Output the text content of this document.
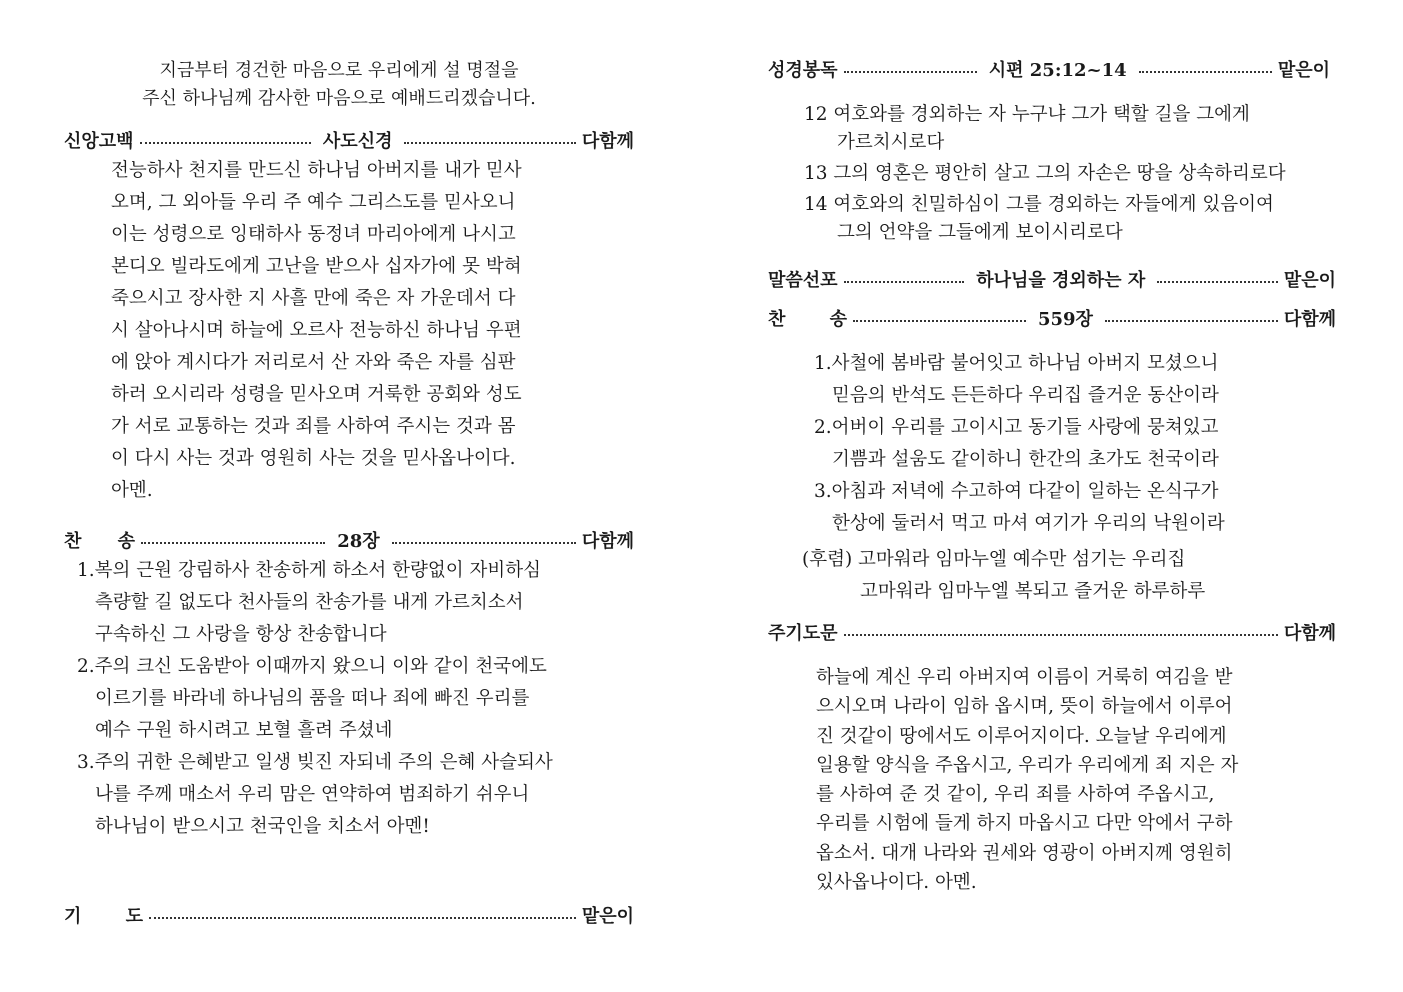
지금부터 경건한 마음으로 우리에게 설 명절을
주신 하나님께 감사한 마음으로 예배드리겠습니다.
신앙고백	사도신경	다함께
전능하사 천지를 만드신 하나님 아버지를 내가 믿사
오며, 그 외아들 우리 주 예수 그리스도를 믿사오니
이는 성령으로 잉태하사 동정녀 마리아에게 나시고
본디오 빌라도에게 고난을 받으사 십자가에 못 박혀
죽으시고 장사한 지 사흘 만에 죽은 자 가운데서 다
시 살아나시며 하늘에 오르사 전능하신 하나님 우편
에 앉아 계시다가 저리로서 산 자와 죽은 자를 심판
하러 오시리라 성령을 믿사오며 거룩한 공회와 성도
가 서로 교통하는 것과 죄를 사하여 주시는 것과 몸
이 다시 사는 것과 영원히 사는 것을 믿사옵나이다.
아멘.
찬 송	28장	다함께
1.복의 근원 강림하사 찬송하게 하소서 한량없이 자비하심
측량할 길 없도다 천사들의 찬송가를 내게 가르치소서
구속하신 그 사랑을 항상 찬송합니다
2.주의 크신 도움받아 이때까지 왔으니 이와 같이 천국에도
이르기를 바라네 하나님의 품을 떠나 죄에 빠진 우리를
예수 구원 하시려고 보혈 흘려 주셨네
3.주의 귀한 은혜받고 일생 빚진 자되네 주의 은혜 사슬되사
나를 주께 매소서 우리 맘은 연약하여 범죄하기 쉬우니
하나님이 받으시고 천국인을 치소서 아멘!
기 도	맡은이
성경봉독	시편 25:12~14	맡은이
12 여호와를 경외하는 자 누구냐 그가 택할 길을 그에게
가르치시로다
13 그의 영혼은 평안히 살고 그의 자손은 땅을 상속하리로다
14 여호와의 친밀하심이 그를 경외하는 자들에게 있음이여
그의 언약을 그들에게 보이시리로다
말씀선포	하나님을 경외하는 자	맡은이
찬 송	559장	다함께
1.사철에 봄바람 불어잇고 하나님 아버지 모셨으니
믿음의 반석도 든든하다 우리집 즐거운 동산이라
2.어버이 우리를 고이시고 동기들 사랑에 뭉쳐있고
기쁨과 설움도 같이하니 한간의 초가도 천국이라
3.아침과 저녁에 수고하여 다같이 일하는 온식구가
한상에 둘러서 먹고 마셔 여기가 우리의 낙원이라
(후렴) 고마워라 임마누엘 예수만 섬기는 우리집
고마워라 임마누엘 복되고 즐거운 하루하루
주기도문	다함께
하늘에 계신 우리 아버지여 이름이 거룩히 여김을 받
으시오며 나라이 임하 옵시며, 뜻이 하늘에서 이루어
진 것같이 땅에서도 이루어지이다. 오늘날 우리에게
일용할 양식을 주옵시고, 우리가 우리에게 죄 지은 자
를 사하여 준 것 같이, 우리 죄를 사하여 주옵시고,
우리를 시험에 들게 하지 마옵시고 다만 악에서 구하
옵소서. 대개 나라와 권세와 영광이 아버지께 영원히
있사옵나이다. 아멘.
